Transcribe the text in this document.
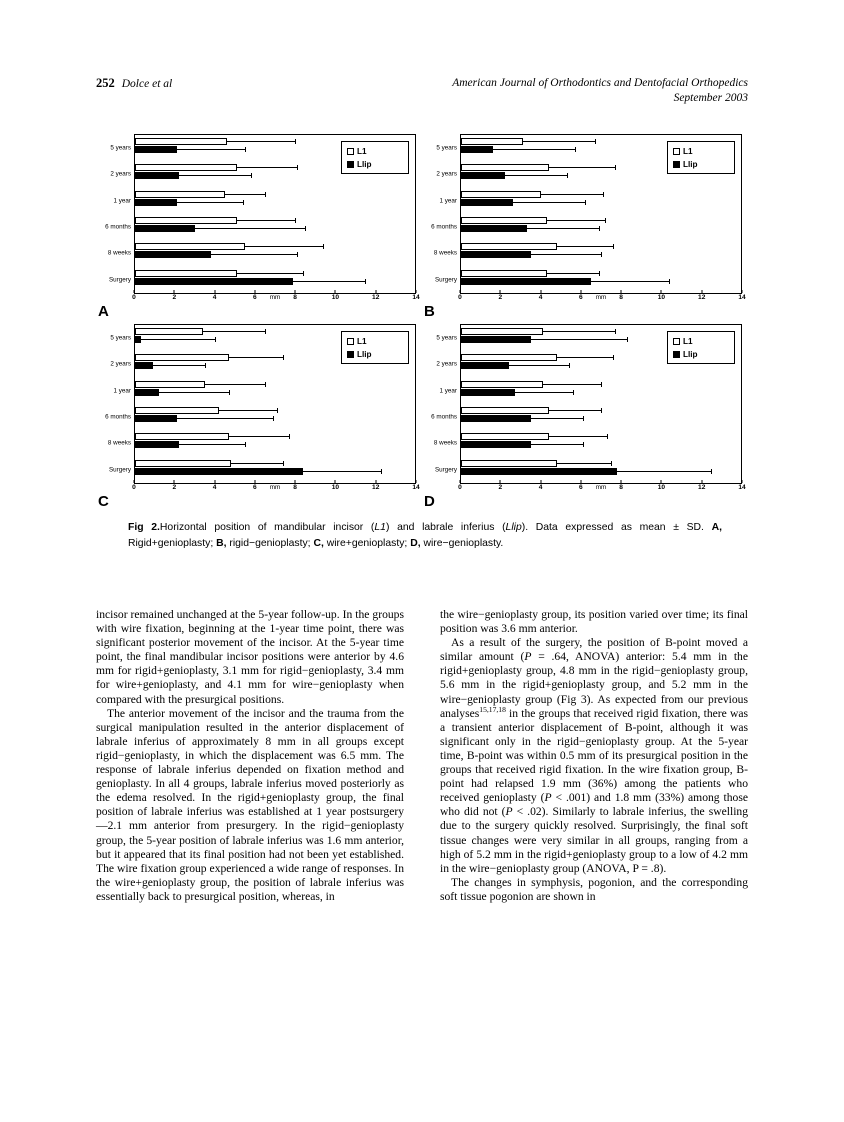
252 Dolce et al	American Journal of Orthodontics and Dentofacial Orthopedics
September 2003
5 years
2 years
1 year
6 months
8 weeks
Surgery
L1
Llip
0	2	4	6	8	10	12	14
mm
A
5 years
2 years
1 year
6 months
8 weeks
Surgery
L1
Llip
0	2	4	6	8	10	12	14
mm
B
5 years
2 years
1 year
6 months
8 weeks
Surgery
L1
Llip
0	2	4	6	8	10	12	14
mm
C
5 years
2 years
1 year
6 months
8 weeks
Surgery
L1
Llip
0	2	4	6	8	10	12	14
mm
D
Fig 2.Horizontal position of mandibular incisor (L1) and labrale inferius (Llip). Data expressed as mean ± SD. A, Rigid+genioplasty; B, rigid−genioplasty; C, wire+genioplasty; D, wire−genioplasty.

incisor remained unchanged at the 5-year follow-up. In the groups with wire fixation, beginning at the 1-year time point, there was significant posterior movement of the incisor. At the 5-year time point, the final mandibular incisor positions were anterior by 4.6 mm for rigid+genioplasty, 3.1 mm for rigid−genioplasty, 3.4 mm for wire+genioplasty, and 4.1 mm for wire−genioplasty when compared with the presurgical positions.

The anterior movement of the incisor and the trauma from the surgical manipulation resulted in the anterior displacement of labrale inferius of approximately 8 mm in all groups except rigid−genioplasty, in which the displacement was 6.5 mm. The response of labrale inferius depended on fixation method and genioplasty. In all 4 groups, labrale inferius moved posteriorly as the edema resolved. In the rigid+genioplasty group, the final position of labrale inferius was established at 1 year postsurgery—2.1 mm anterior from presurgery. In the rigid−genioplasty group, the 5-year position of labrale inferius was 1.6 mm anterior, but it appeared that its final position had not been yet established. The wire fixation group experienced a wide range of responses. In the wire+genioplasty group, the position of labrale inferius was essentially back to presurgical position, whereas, in

the wire−genioplasty group, its position varied over time; its final position was 3.6 mm anterior.

As a result of the surgery, the position of B-point moved a similar amount (P = .64, ANOVA) anterior: 5.4 mm in the rigid+genioplasty group, 4.8 mm in the rigid−genioplasty group, 5.6 mm in the rigid+genioplasty group, and 5.2 mm in the wire−genioplasty group (Fig 3). As expected from our previous analyses$^{15,17,18}$ in the groups that received rigid fixation, there was a transient anterior displacement of B-point, although it was significant only in the rigid−genioplasty group. At the 5-year time, B-point was within 0.5 mm of its presurgical position in the groups that received rigid fixation. In the wire fixation group, B-point had relapsed 1.9 mm (36%) among the patients who received genioplasty (P < .001) and 1.8 mm (33%) among those who did not (P < .02). Similarly to labrale inferius, the swelling due to the surgery quickly resolved. Surprisingly, the final soft tissue changes were very similar in all groups, ranging from a high of 5.2 mm in the rigid+genioplasty group to a low of 4.2 mm in the wire−genioplasty group (ANOVA, P = .8).

The changes in symphysis, pogonion, and the corresponding soft tissue pogonion are shown in
